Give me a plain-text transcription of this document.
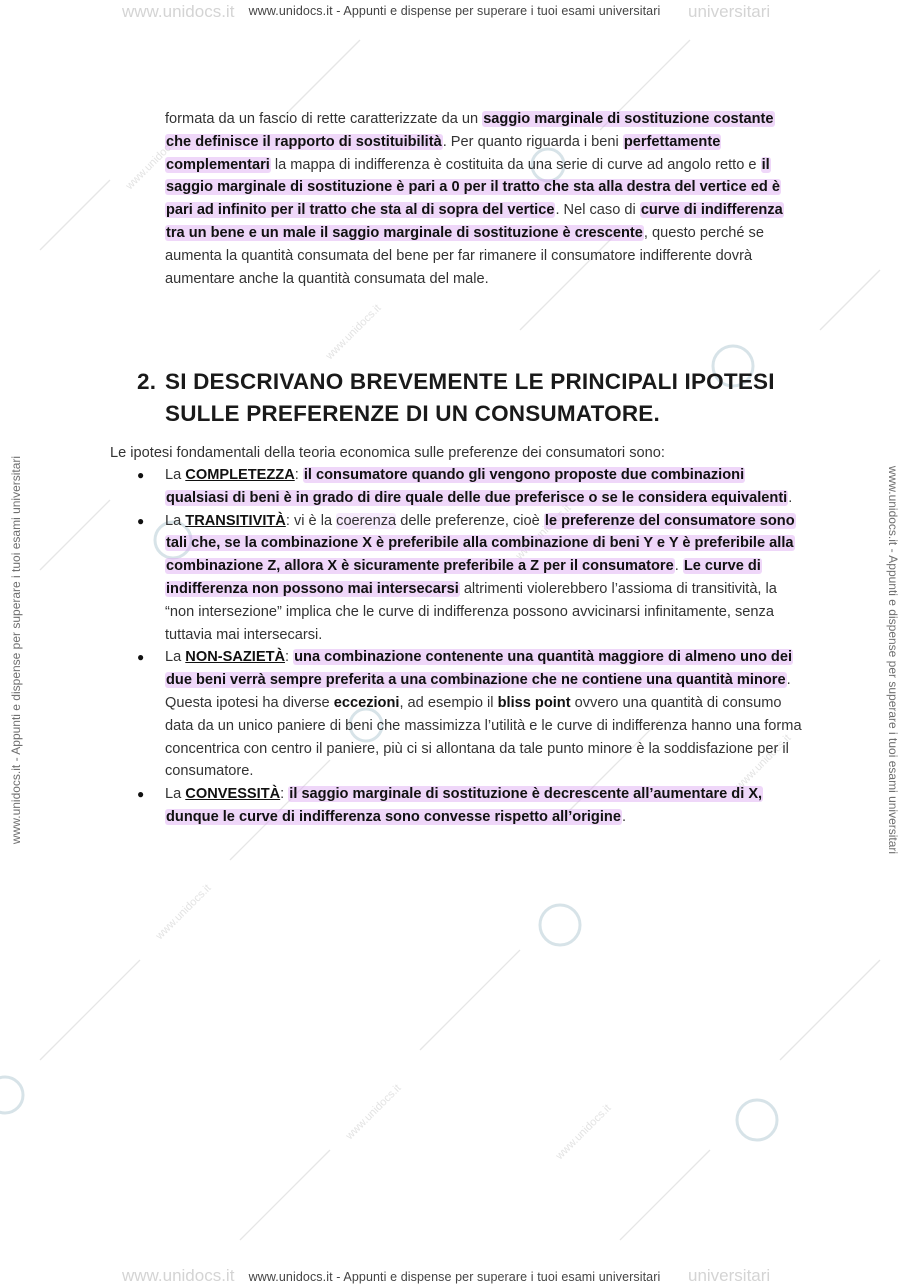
www.unidocs.it
www.unidocs.it
www.unidocs.it
www.unidocs.it	www.unidocs.it
www.unidocs.it
www.unidocs.it
www.unidocs.it	universitari
www.unidocs.it - Appunti e dispense per superare i tuoi esami universitari
www.unidocs.it - Appunti e dispense per superare i tuoi esami universitari	www.unidocs.it - Appunti e dispense per superare i tuoi esami universitari
formata da un fascio di rette caratterizzate da un saggio marginale di sostituzione costante che definisce il rapporto di sostituibilità. Per quanto riguarda i beni perfettamente complementari la mappa di indifferenza è costituita da una serie di curve ad angolo retto e il saggio marginale di sostituzione è pari a 0 per il tratto che sta alla destra del vertice ed è pari ad infinito per il tratto che sta al di sopra del vertice. Nel caso di curve di indifferenza tra un bene e un male il saggio marginale di sostituzione è crescente, questo perché se aumenta la quantità consumata del bene per far rimanere il consumatore indifferente dovrà aumentare anche la quantità consumata del male.
2. SI DESCRIVANO BREVEMENTE LE PRINCIPALI IPOTESI SULLE PREFERENZE DI UN CONSUMATORE.
Le ipotesi fondamentali della teoria economica sulle preferenze dei consumatori sono:
● La COMPLETEZZA: il consumatore quando gli vengono proposte due combinazioni qualsiasi di beni è in grado di dire quale delle due preferisce o se le considera equivalenti.
● La TRANSITIVITÀ: vi è la coerenza delle preferenze, cioè le preferenze del consumatore sono tali che, se la combinazione X è preferibile alla combinazione di beni Y e Y è preferibile alla combinazione Z, allora X è sicuramente preferibile a Z per il consumatore. Le curve di indifferenza non possono mai intersecarsi altrimenti violerebbero l’assioma di transitività, la “non intersezione” implica che le curve di indifferenza possono avvicinarsi infinitamente, senza tuttavia mai intersecarsi.
● La NON-SAZIETÀ: una combinazione contenente una quantità maggiore di almeno uno dei due beni verrà sempre preferita a una combinazione che ne contiene una quantità minore. Questa ipotesi ha diverse eccezioni, ad esempio il bliss point ovvero una quantità di consumo data da un unico paniere di beni che massimizza l’utilità e le curve di indifferenza hanno una forma concentrica con centro il paniere, più ci si allontana da tale punto minore è la soddisfazione per il consumatore.
● La CONVESSITÀ: il saggio marginale di sostituzione è decrescente all’aumentare di X, dunque le curve di indifferenza sono convesse rispetto all’origine.
www.unidocs.it	universitari
www.unidocs.it - Appunti e dispense per superare i tuoi esami universitari
